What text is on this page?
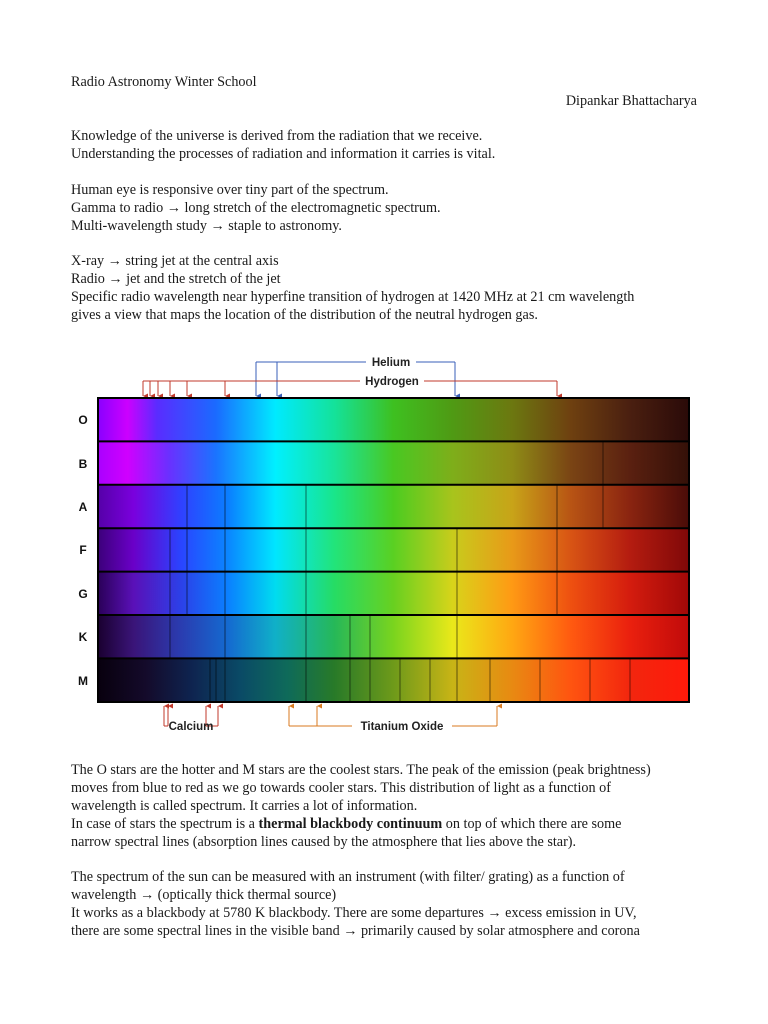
Radio Astronomy Winter School
Dipankar Bhattacharya
Knowledge of the universe is derived from the radiation that we receive.
Understanding the processes of radiation and information it carries is vital.
Human eye is responsive over tiny part of the spectrum.
Gamma to radio → long stretch of the electromagnetic spectrum.
Multi-wavelength study → staple to astronomy.
X-ray → string jet at the central axis
Radio → jet and the stretch of the jet
Specific radio wavelength near hyperfine transition of hydrogen at 1420 MHz at 21 cm wavelength
gives a view that maps the location of the distribution of the neutral hydrogen gas.
Helium
Hydrogen
O
B
A
F
G
K
M
Calcium	Titanium Oxide
The O stars are the hotter and M stars are the coolest stars. The peak of the emission (peak brightness)
moves from blue to red as we go towards cooler stars. This distribution of light as a function of
wavelength is called spectrum. It carries a lot of information.
In case of stars the spectrum is a thermal blackbody continuum on top of which there are some
narrow spectral lines (absorption lines caused by the atmosphere that lies above the star).
The spectrum of the sun can be measured with an instrument (with filter/ grating) as a function of
wavelength → (optically thick thermal source)
It works as a blackbody at 5780 K blackbody. There are some departures → excess emission in UV,
there are some spectral lines in the visible band → primarily caused by solar atmosphere and corona
